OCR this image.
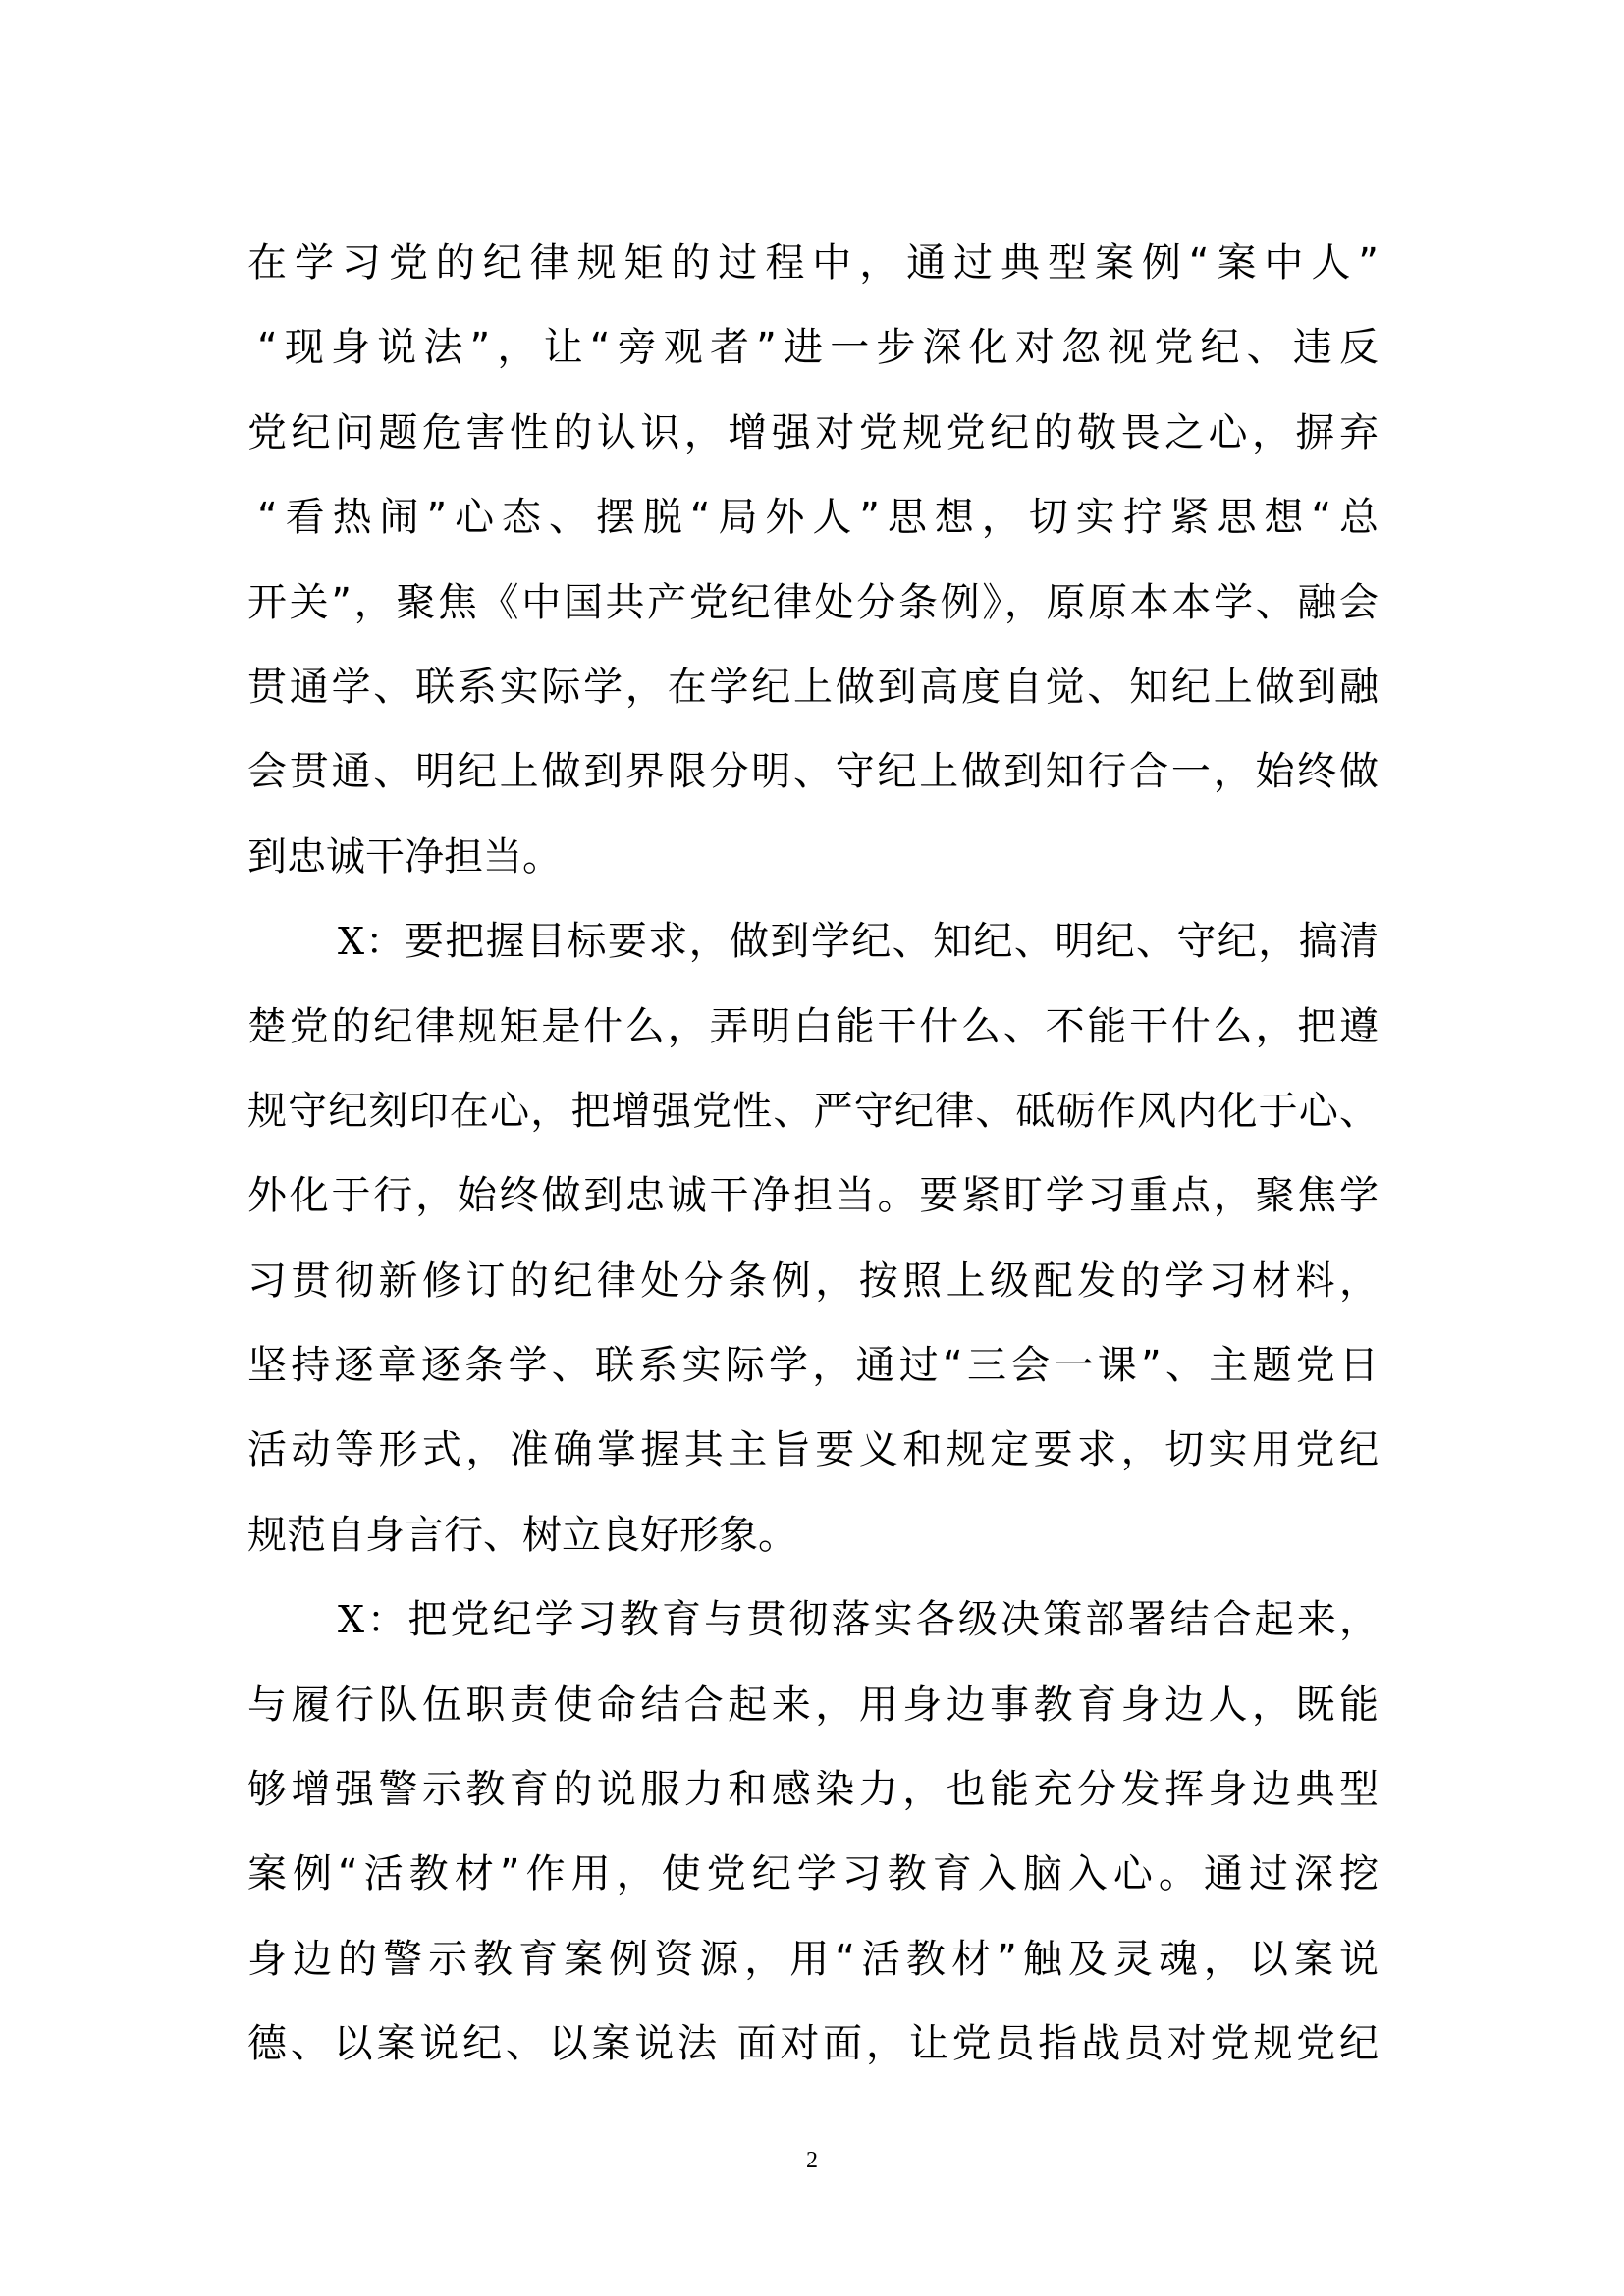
在学习党的纪律规矩的过程中，通过典型案例“案中人”
“现身说法”，让“旁观者”进一步深化对忽视党纪、违反
党纪问题危害性的认识，增强对党规党纪的敬畏之心，摒弃
“看热闹”心态、摆脱“局外人”思想，切实拧紧思想“总
开关”，聚焦《中国共产党纪律处分条例》，原原本本学、融会
贯通学、联系实际学，在学纪上做到高度自觉、知纪上做到融
会贯通、明纪上做到界限分明、守纪上做到知行合一，始终做
到忠诚干净担当。
X：要把握目标要求，做到学纪、知纪、明纪、守纪，搞清
楚党的纪律规矩是什么，弄明白能干什么、不能干什么，把遵
规守纪刻印在心，把增强党性、严守纪律、砥砺作风内化于心、
外化于行，始终做到忠诚干净担当。要紧盯学习重点，聚焦学
习贯彻新修订的纪律处分条例，按照上级配发的学习材料，
坚持逐章逐条学、联系实际学，通过“三会一课”、主题党日
活动等形式，准确掌握其主旨要义和规定要求，切实用党纪
规范自身言行、树立良好形象。
X：把党纪学习教育与贯彻落实各级决策部署结合起来，
与履行队伍职责使命结合起来，用身边事教育身边人，既能
够增强警示教育的说服力和感染力，也能充分发挥身边典型
案例“活教材”作用，使党纪学习教育入脑入心。通过深挖
身边的警示教育案例资源，用“活教材”触及灵魂，以案说
德、以案说纪、以案说法 面对面，让党员指战员对党规党纪
2
